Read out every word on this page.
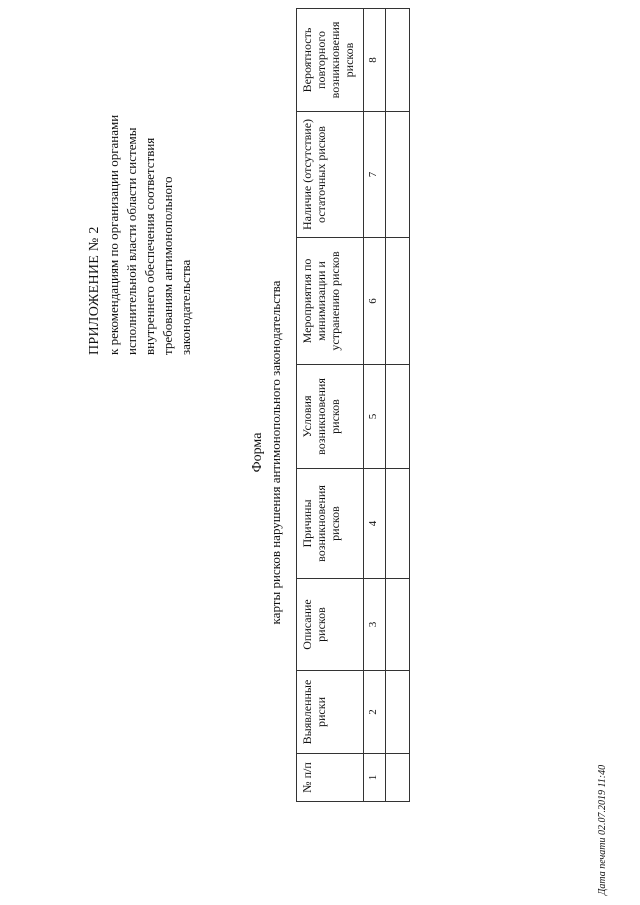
ПРИЛОЖЕНИЕ № 2 к рекомендациям по организации органами исполнительной власти области системы внутреннего обеспечения соответствия требованиям антимонопольного законодательства
Форма карты рисков нарушения антимонопольного законодательства
№ п/п	Выявленные риски	Описание рисков	Причины возникновения рисков	Условия возникновения рисков	Мероприятия по минимизации и устранению рисков	Наличие (отсутствие) остаточных рисков	Вероятность повторного возникновения рисков
1	2	3	4	5	6	7	8

Дата печати 02.07.2019 11:40
